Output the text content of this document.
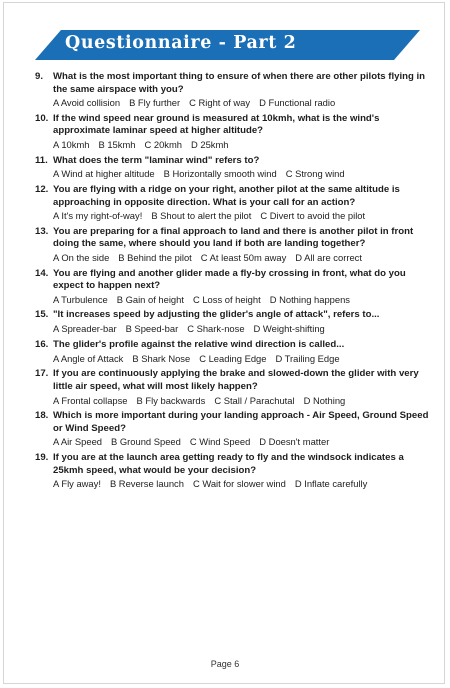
Questionnaire - Part 2
9.	What is the most important thing to ensure of when there are other pilots flying in the same airspace with you?
A Avoid collision B Fly further C Right of way D Functional radio
10. If the wind speed near ground is measured at 10kmh, what is the wind's approximate laminar speed at higher altitude?
A 10kmh B 15kmh C 20kmh D 25kmh
11. What does the term "laminar wind" refers to?
A Wind at higher altitude B Horizontally smooth wind C Strong wind
12. You are flying with a ridge on your right, another pilot at the same altitude is approaching in opposite direction. What is your call for an action?
A It's my right-of-way! B Shout to alert the pilot C Divert to avoid the pilot
13. You are preparing for a final approach to land and there is another pilot in front doing the same, where should you land if both are landing together?
A On the side B Behind the pilot C At least 50m away D All are correct
14. You are flying and another glider made a fly-by crossing in front, what do you expect to happen next?
A Turbulence B Gain of height C Loss of height D Nothing happens
15. "It increases speed by adjusting the glider's angle of attack", refers to...
A Spreader-bar B Speed-bar C Shark-nose D Weight-shifting
16. The glider's profile against the relative wind direction is called...
A Angle of Attack B Shark Nose C Leading Edge D Trailing Edge
17. If you are continuously applying the brake and slowed-down the glider with very little air speed, what will most likely happen?
A Frontal collapse B Fly backwards C Stall / Parachutal D Nothing
18. Which is more important during your landing approach - Air Speed, Ground Speed or Wind Speed?
A Air Speed B Ground Speed C Wind Speed D Doesn't matter
19. If you are at the launch area getting ready to fly and the windsock indicates a 25kmh speed, what would be your decision?
A Fly away! B Reverse launch C Wait for slower wind D Inflate carefully
Page 6
